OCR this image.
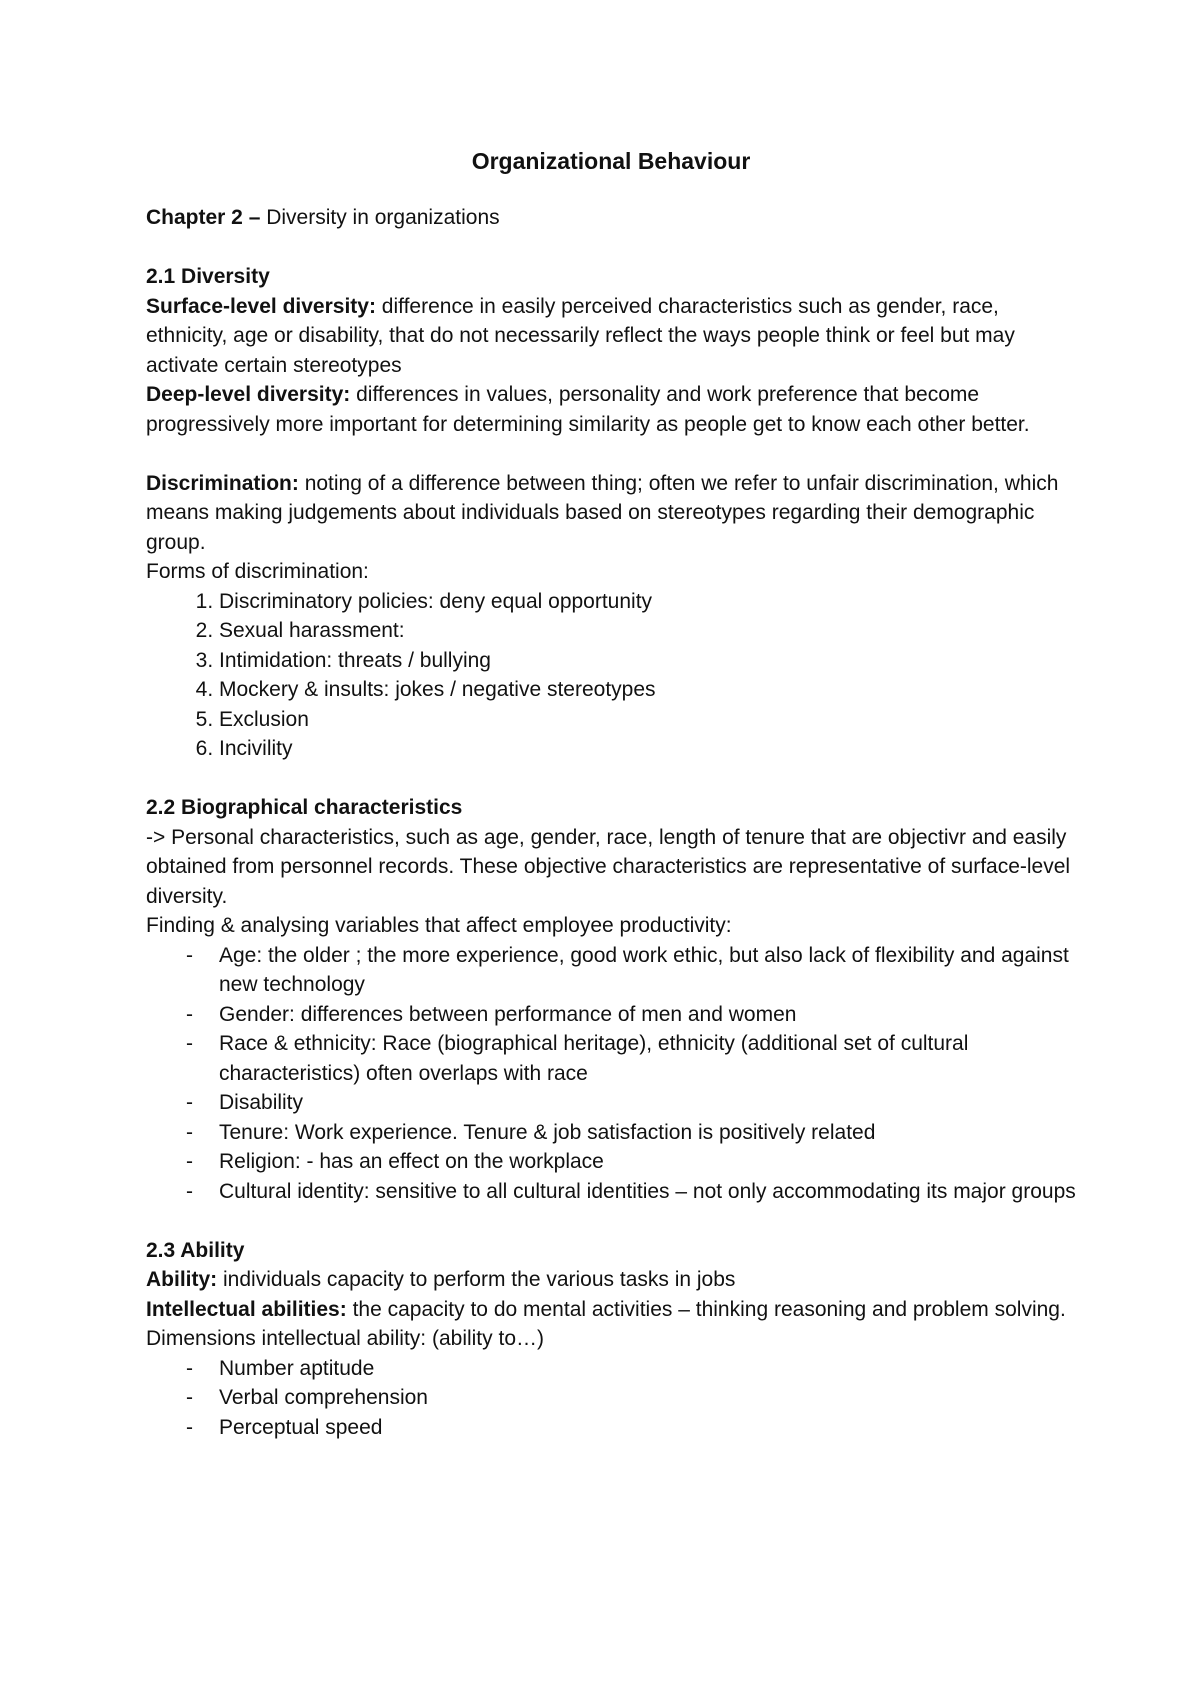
Organizational Behaviour

Chapter 2 – Diversity in organizations

2.1 Diversity

Surface-level diversity: difference in easily perceived characteristics such as gender, race, ethnicity, age or disability, that do not necessarily reflect the ways people think or feel but may activate certain stereotypes

Deep-level diversity: differences in values, personality and work preference that become progressively more important for determining similarity as people get to know each other better.

Discrimination: noting of a difference between thing; often we refer to unfair discrimination, which means making judgements about individuals based on stereotypes regarding their demographic group.

Forms of discrimination:

1. Discriminatory policies: deny equal opportunity
2. Sexual harassment:
3. Intimidation: threats / bullying
4. Mockery & insults: jokes / negative stereotypes
5. Exclusion
6. Incivility

2.2 Biographical characteristics

-> Personal characteristics, such as age, gender, race, length of tenure that are objectivr and easily obtained from personnel records. These objective characteristics are representative of surface-level diversity.

Finding & analysing variables that affect employee productivity:

- Age: the older ; the more experience, good work ethic, but also lack of flexibility and against new technology
- Gender: differences between performance of men and women
- Race & ethnicity: Race (biographical heritage), ethnicity (additional set of cultural characteristics) often overlaps with race
- Disability
- Tenure: Work experience. Tenure & job satisfaction is positively related
- Religion: - has an effect on the workplace
- Cultural identity: sensitive to all cultural identities – not only accommodating its major groups

2.3 Ability

Ability: individuals capacity to perform the various tasks in jobs

Intellectual abilities: the capacity to do mental activities – thinking reasoning and problem solving.

Dimensions intellectual ability: (ability to…)

- Number aptitude
- Verbal comprehension
- Perceptual speed
